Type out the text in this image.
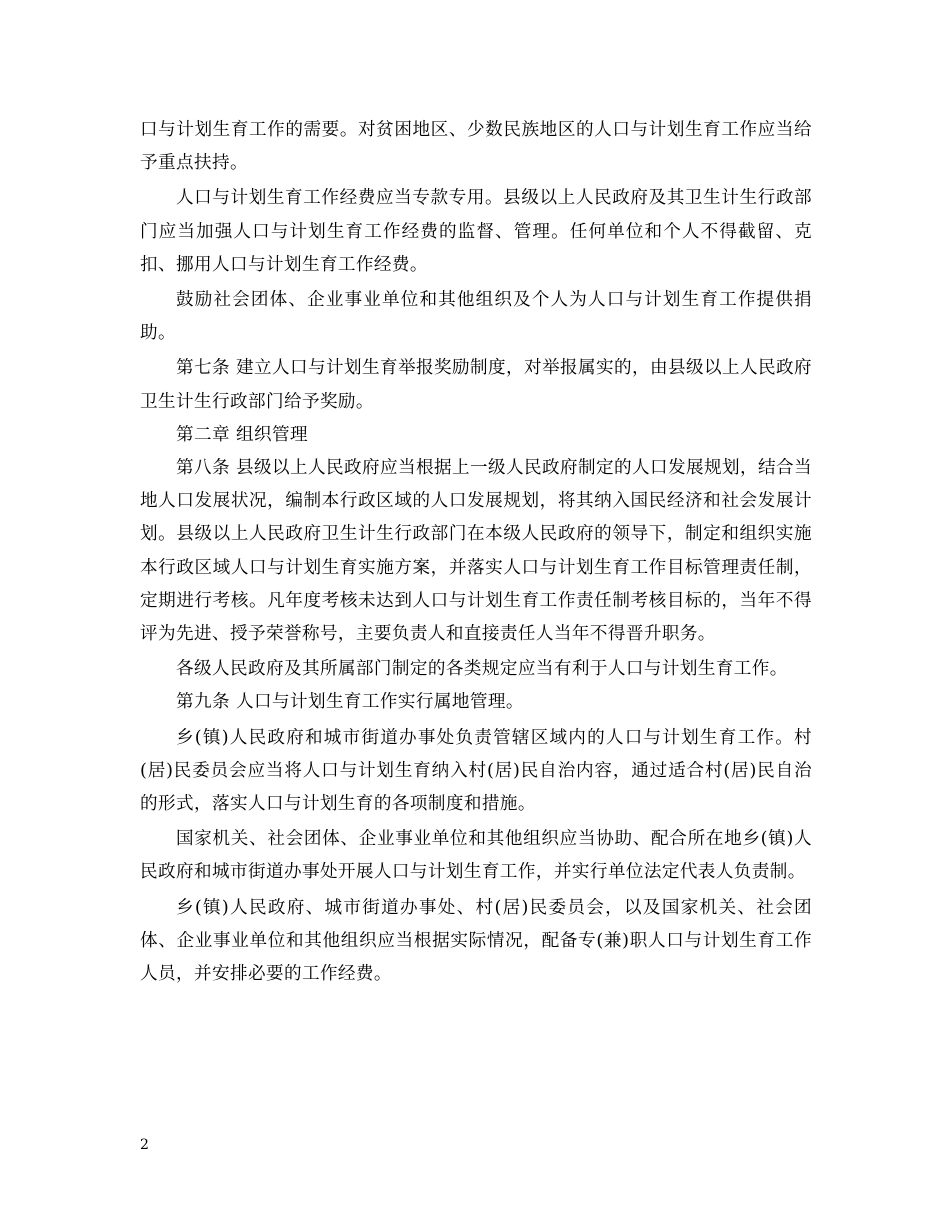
口与计划生育工作的需要。对贫困地区、少数民族地区的人口与计划生育工作应当给予重点扶持。

人口与计划生育工作经费应当专款专用。县级以上人民政府及其卫生计生行政部门应当加强人口与计划生育工作经费的监督、管理。任何单位和个人不得截留、克扣、挪用人口与计划生育工作经费。

鼓励社会团体、企业事业单位和其他组织及个人为人口与计划生育工作提供捐助。

第七条 建立人口与计划生育举报奖励制度，对举报属实的，由县级以上人民政府卫生计生行政部门给予奖励。

第二章 组织管理

第八条 县级以上人民政府应当根据上一级人民政府制定的人口发展规划，结合当地人口发展状况，编制本行政区域的人口发展规划，将其纳入国民经济和社会发展计划。县级以上人民政府卫生计生行政部门在本级人民政府的领导下，制定和组织实施本行政区域人口与计划生育实施方案，并落实人口与计划生育工作目标管理责任制，定期进行考核。凡年度考核未达到人口与计划生育工作责任制考核目标的，当年不得评为先进、授予荣誉称号，主要负责人和直接责任人当年不得晋升职务。

各级人民政府及其所属部门制定的各类规定应当有利于人口与计划生育工作。

第九条 人口与计划生育工作实行属地管理。

乡(镇)人民政府和城市街道办事处负责管辖区域内的人口与计划生育工作。村(居)民委员会应当将人口与计划生育纳入村(居)民自治内容，通过适合村(居)民自治的形式，落实人口与计划生育的各项制度和措施。

国家机关、社会团体、企业事业单位和其他组织应当协助、配合所在地乡(镇)人民政府和城市街道办事处开展人口与计划生育工作，并实行单位法定代表人负责制。

乡(镇)人民政府、城市街道办事处、村(居)民委员会，以及国家机关、社会团体、企业事业单位和其他组织应当根据实际情况，配备专(兼)职人口与计划生育工作人员，并安排必要的工作经费。

2
